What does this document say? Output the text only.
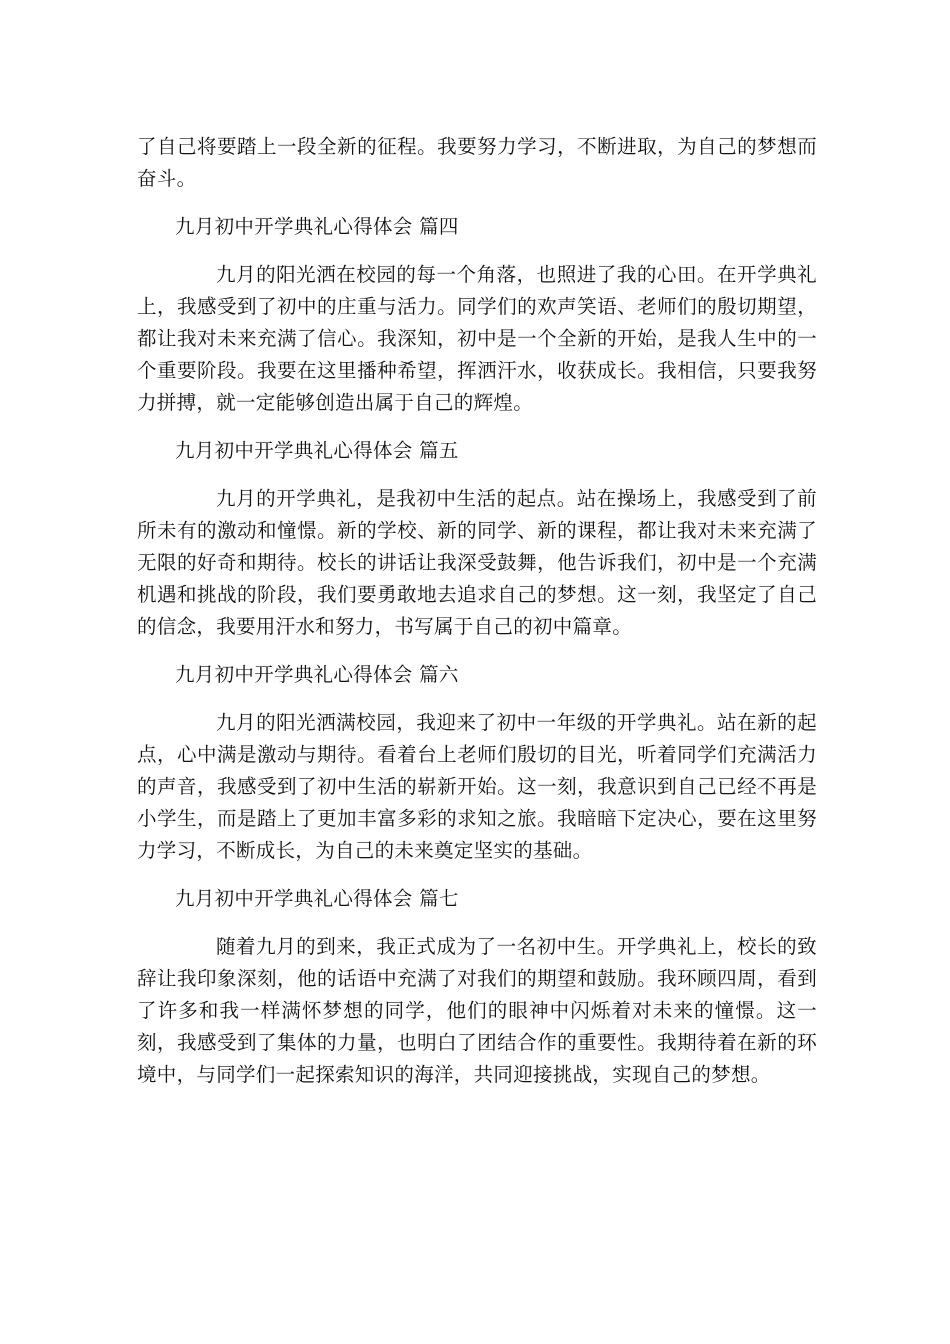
了自己将要踏上一段全新的征程。我要努力学习，不断进取，为自己的梦想而奋斗。

九月初中开学典礼心得体会 篇四

九月的阳光洒在校园的每一个角落，也照进了我的心田。在开学典礼上，我感受到了初中的庄重与活力。同学们的欢声笑语、老师们的殷切期望，都让我对未来充满了信心。我深知，初中是一个全新的开始，是我人生中的一个重要阶段。我要在这里播种希望，挥洒汗水，收获成长。我相信，只要我努力拼搏，就一定能够创造出属于自己的辉煌。

九月初中开学典礼心得体会 篇五

九月的开学典礼，是我初中生活的起点。站在操场上，我感受到了前所未有的激动和憧憬。新的学校、新的同学、新的课程，都让我对未来充满了无限的好奇和期待。校长的讲话让我深受鼓舞，他告诉我们，初中是一个充满机遇和挑战的阶段，我们要勇敢地去追求自己的梦想。这一刻，我坚定了自己的信念，我要用汗水和努力，书写属于自己的初中篇章。

九月初中开学典礼心得体会 篇六

九月的阳光洒满校园，我迎来了初中一年级的开学典礼。站在新的起点，心中满是激动与期待。看着台上老师们殷切的目光，听着同学们充满活力的声音，我感受到了初中生活的崭新开始。这一刻，我意识到自己已经不再是小学生，而是踏上了更加丰富多彩的求知之旅。我暗暗下定决心，要在这里努力学习，不断成长，为自己的未来奠定坚实的基础。

九月初中开学典礼心得体会 篇七

随着九月的到来，我正式成为了一名初中生。开学典礼上，校长的致辞让我印象深刻，他的话语中充满了对我们的期望和鼓励。我环顾四周，看到了许多和我一样满怀梦想的同学，他们的眼神中闪烁着对未来的憧憬。这一刻，我感受到了集体的力量，也明白了团结合作的重要性。我期待着在新的环境中，与同学们一起探索知识的海洋，共同迎接挑战，实现自己的梦想。
